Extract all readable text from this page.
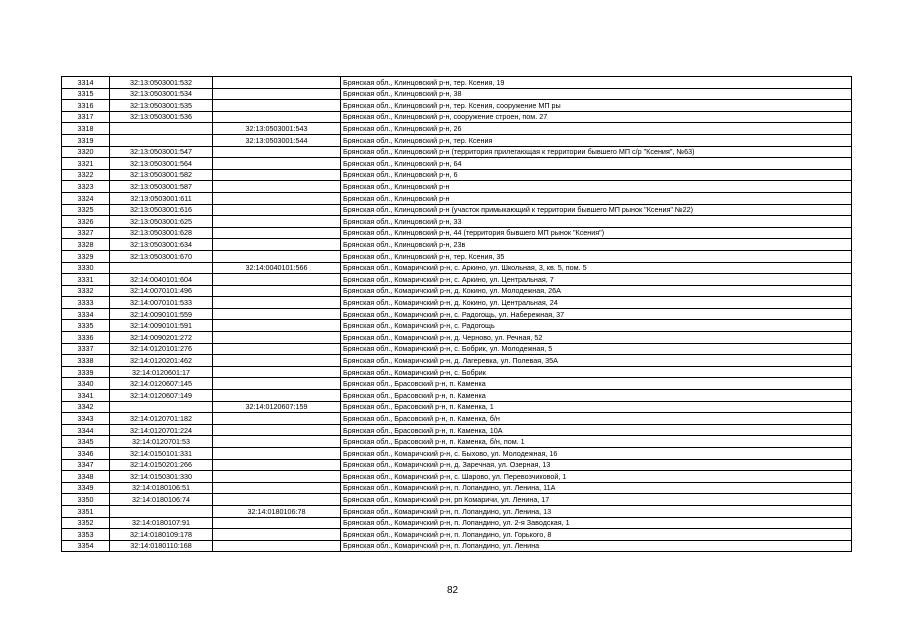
3314	32:13:0503001:532		Брянская обл., Клинцовский р-н, тер. Ксения, 19
3315	32:13:0503001:534		Брянская обл., Клинцовский р-н, 38
3316	32:13:0503001:535		Брянская обл., Клинцовский р-н, тер. Ксения, сооружение МП ры
3317	32:13:0503001:536		Брянская обл., Клинцовский р-н, сооружение строен, пом. 27
3318		32:13:0503001:543	Брянская обл., Клинцовский р-н, 26
3319		32:13:0503001:544	Брянская обл., Клинцовский р-н, тер. Ксения
3320	32:13:0503001:547		Брянская обл., Клинцовский р-н (территория прилегающая к территории бывшего МП с/р "Ксения", №63)
3321	32:13:0503001:564		Брянская обл., Клинцовский р-н, 64
3322	32:13:0503001:582		Брянская обл., Клинцовский р-н, 6
3323	32:13:0503001:587		Брянская обл., Клинцовский р-н
3324	32:13:0503001:611		Брянская обл., Клинцовский р-н
3325	32:13:0503001:616		Брянская обл., Клинцовский р-н (участок примыкающий к территории бывшего МП рынок "Ксения" №22)
3326	32:13:0503001:625		Брянская обл., Клинцовский р-н, 33
3327	32:13:0503001:628		Брянская обл., Клинцовский р-н, 44 (территория бывшего МП рынок "Ксения")
3328	32:13:0503001:634		Брянская обл., Клинцовский р-н, 23в
3329	32:13:0503001:670		Брянская обл., Клинцовский р-н, тер. Ксения, 35
3330		32:14:0040101:566	Брянская обл., Комаричский р-н, с. Аркино, ул. Школьная, 3, кв. 5, пом. 5
3331	32:14:0040101:604		Брянская обл., Комаричский р-н, с. Аркино, ул. Центральная, 7
3332	32:14:0070101:496		Брянская обл., Комаричский р-н, д. Кокино, ул. Молодежная, 26А
3333	32:14:0070101:533		Брянская обл., Комаричский р-н, д. Кокино, ул. Центральная, 24
3334	32:14:0090101:559		Брянская обл., Комаричский р-н, с. Радогощь, ул. Набережная, 37
3335	32:14:0090101:591		Брянская обл., Комаричский р-н, с. Радогощь
3336	32:14:0090201:272		Брянская обл., Комаричский р-н, д. Черново, ул. Речная, 52
3337	32:14:0120101:276		Брянская обл., Комаричский р-н, с. Бобрик, ул. Молодежная, 5
3338	32:14:0120201:462		Брянская обл., Комаричский р-н, д. Лагеревка, ул. Полевая, 35А
3339	32:14:0120601:17		Брянская обл., Комаричский р-н, с. Бобрик
3340	32:14:0120607:145		Брянская обл., Брасовский р-н, п. Каменка
3341	32:14:0120607:149		Брянская обл., Брасовский р-н, п. Каменка
3342		32:14:0120607:159	Брянская обл., Брасовский р-н, п. Каменка, 1
3343	32:14:0120701:182		Брянская обл., Брасовский р-н, п. Каменка, б/н
3344	32:14:0120701:224		Брянская обл., Брасовский р-н, п. Каменка, 10А
3345	32:14:0120701:53		Брянская обл., Брасовский р-н, п. Каменка, б/н, пом. 1
3346	32:14:0150101:331		Брянская обл., Комаричский р-н, с. Быхово, ул. Молодежная, 16
3347	32:14:0150201:266		Брянская обл., Комаричский р-н, д. Заречная, ул. Озерная, 13
3348	32:14:0150301:330		Брянская обл., Комаричский р-н, с. Шарово, ул. Перевозчиковой, 1
3349	32:14:0180106:51		Брянская обл., Комаричский р-н, п. Лопандино, ул. Ленина, 11А
3350	32:14:0180106:74		Брянская обл., Комаричский р-н, рп Комаричи, ул. Ленина, 17
3351		32:14:0180106:78	Брянская обл., Комаричский р-н, п. Лопандино, ул. Ленина, 13
3352	32:14:0180107:91		Брянская обл., Комаричский р-н, п. Лопандино, ул. 2-я Заводская, 1
3353	32:14:0180109:178		Брянская обл., Комаричский р-н, п. Лопандино, ул. Горького, 8
3354	32:14:0180110:168		Брянская обл., Комаричский р-н, п. Лопандино, ул. Ленина
82
